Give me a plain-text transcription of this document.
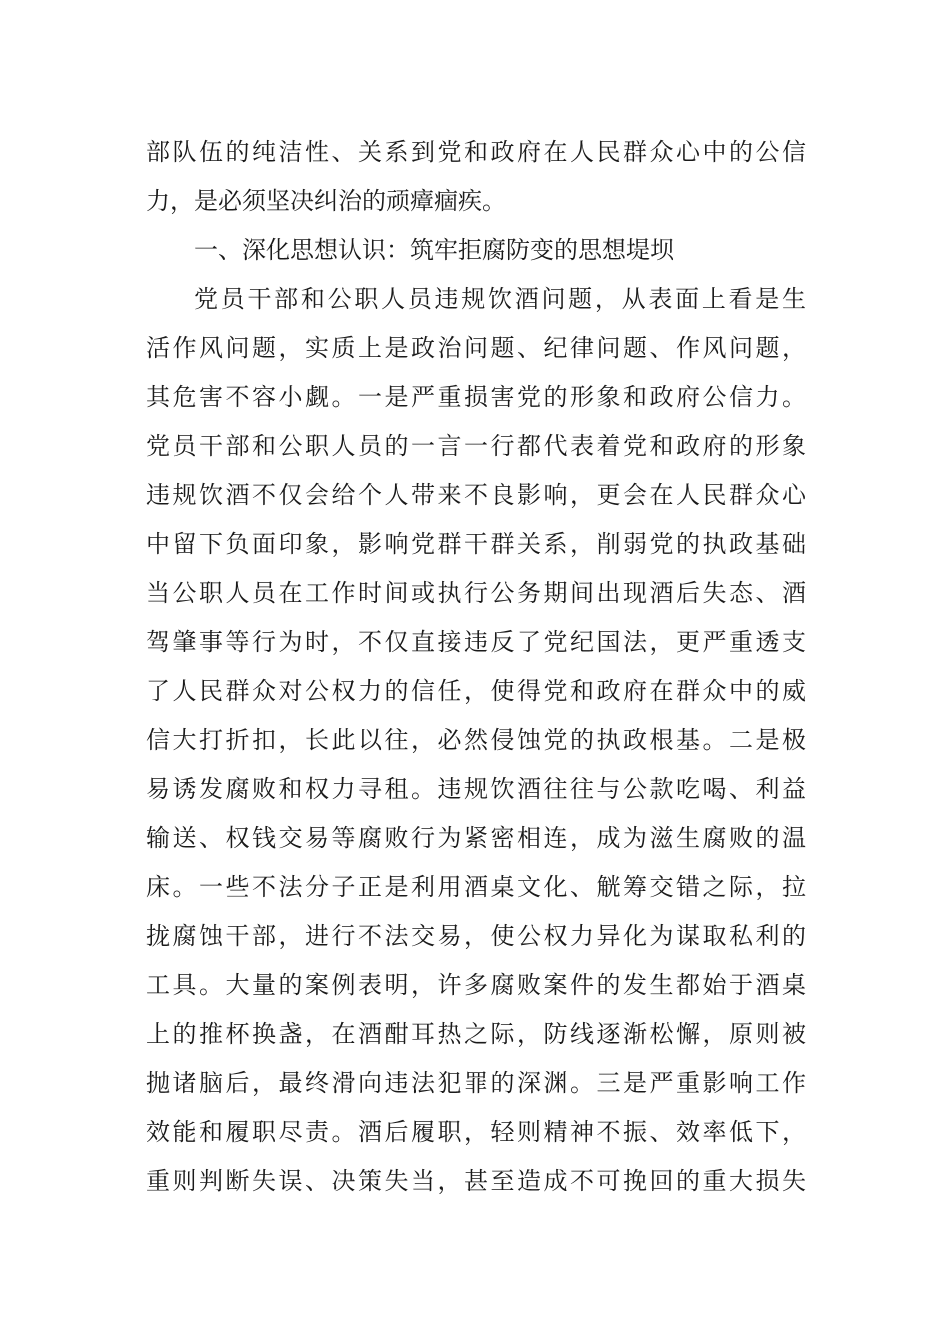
部队伍的纯洁性、关系到党和政府在人民群众心中的公信
力，是必须坚决纠治的顽瘴痼疾。
一、深化思想认识：筑牢拒腐防变的思想堤坝
党员干部和公职人员违规饮酒问题，从表面上看是生
活作风问题，实质上是政治问题、纪律问题、作风问题，
其危害不容小觑。一是严重损害党的形象和政府公信力。
党员干部和公职人员的一言一行都代表着党和政府的形象
违规饮酒不仅会给个人带来不良影响，更会在人民群众心
中留下负面印象，影响党群干群关系，削弱党的执政基础
当公职人员在工作时间或执行公务期间出现酒后失态、酒
驾肇事等行为时，不仅直接违反了党纪国法，更严重透支
了人民群众对公权力的信任，使得党和政府在群众中的威
信大打折扣，长此以往，必然侵蚀党的执政根基。二是极
易诱发腐败和权力寻租。违规饮酒往往与公款吃喝、利益
输送、权钱交易等腐败行为紧密相连，成为滋生腐败的温
床。一些不法分子正是利用酒桌文化、觥筹交错之际，拉
拢腐蚀干部，进行不法交易，使公权力异化为谋取私利的
工具。大量的案例表明，许多腐败案件的发生都始于酒桌
上的推杯换盏，在酒酣耳热之际，防线逐渐松懈，原则被
抛诸脑后，最终滑向违法犯罪的深渊。三是严重影响工作
效能和履职尽责。酒后履职，轻则精神不振、效率低下，
重则判断失误、决策失当，甚至造成不可挽回的重大损失
